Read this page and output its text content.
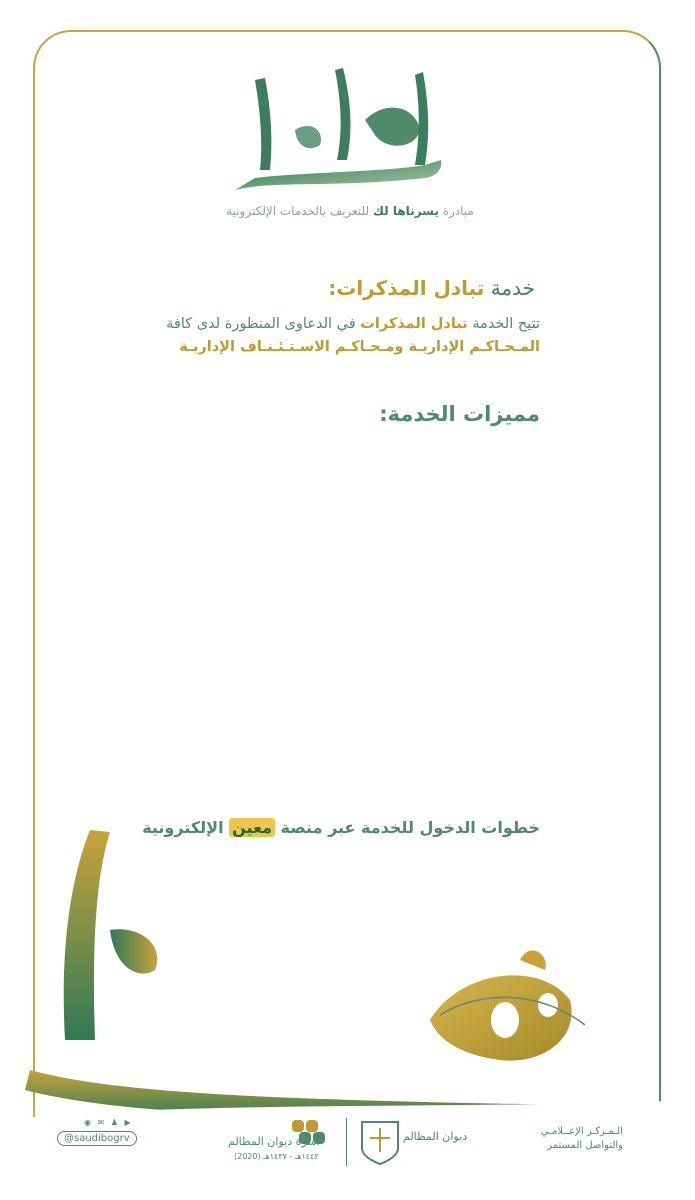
مبادرة يسرناها لك للتعريف بالخدمات الإلكترونية
خدمة تبادل المذكرات:
تتيح الخدمة تبادل المذكرات في الدعاوى المنظورة لدى كافة
المـحـاكـم الإداريـة ومـحـاكـم الاسـتـئـنـاف الإداريـة
مميزات الخدمة:
خطوات الدخول للخدمة عبر منصة معين الإلكترونية
الـمـركـز الإعــلامـي
والتواصل المستمر
ديوان المظالم
أسرة ديوان المظالم
(2020) ١٤٤٢هـ - ١٤٣٧هـ
◉ ✉ ♟ ▶
@saudibogrv
